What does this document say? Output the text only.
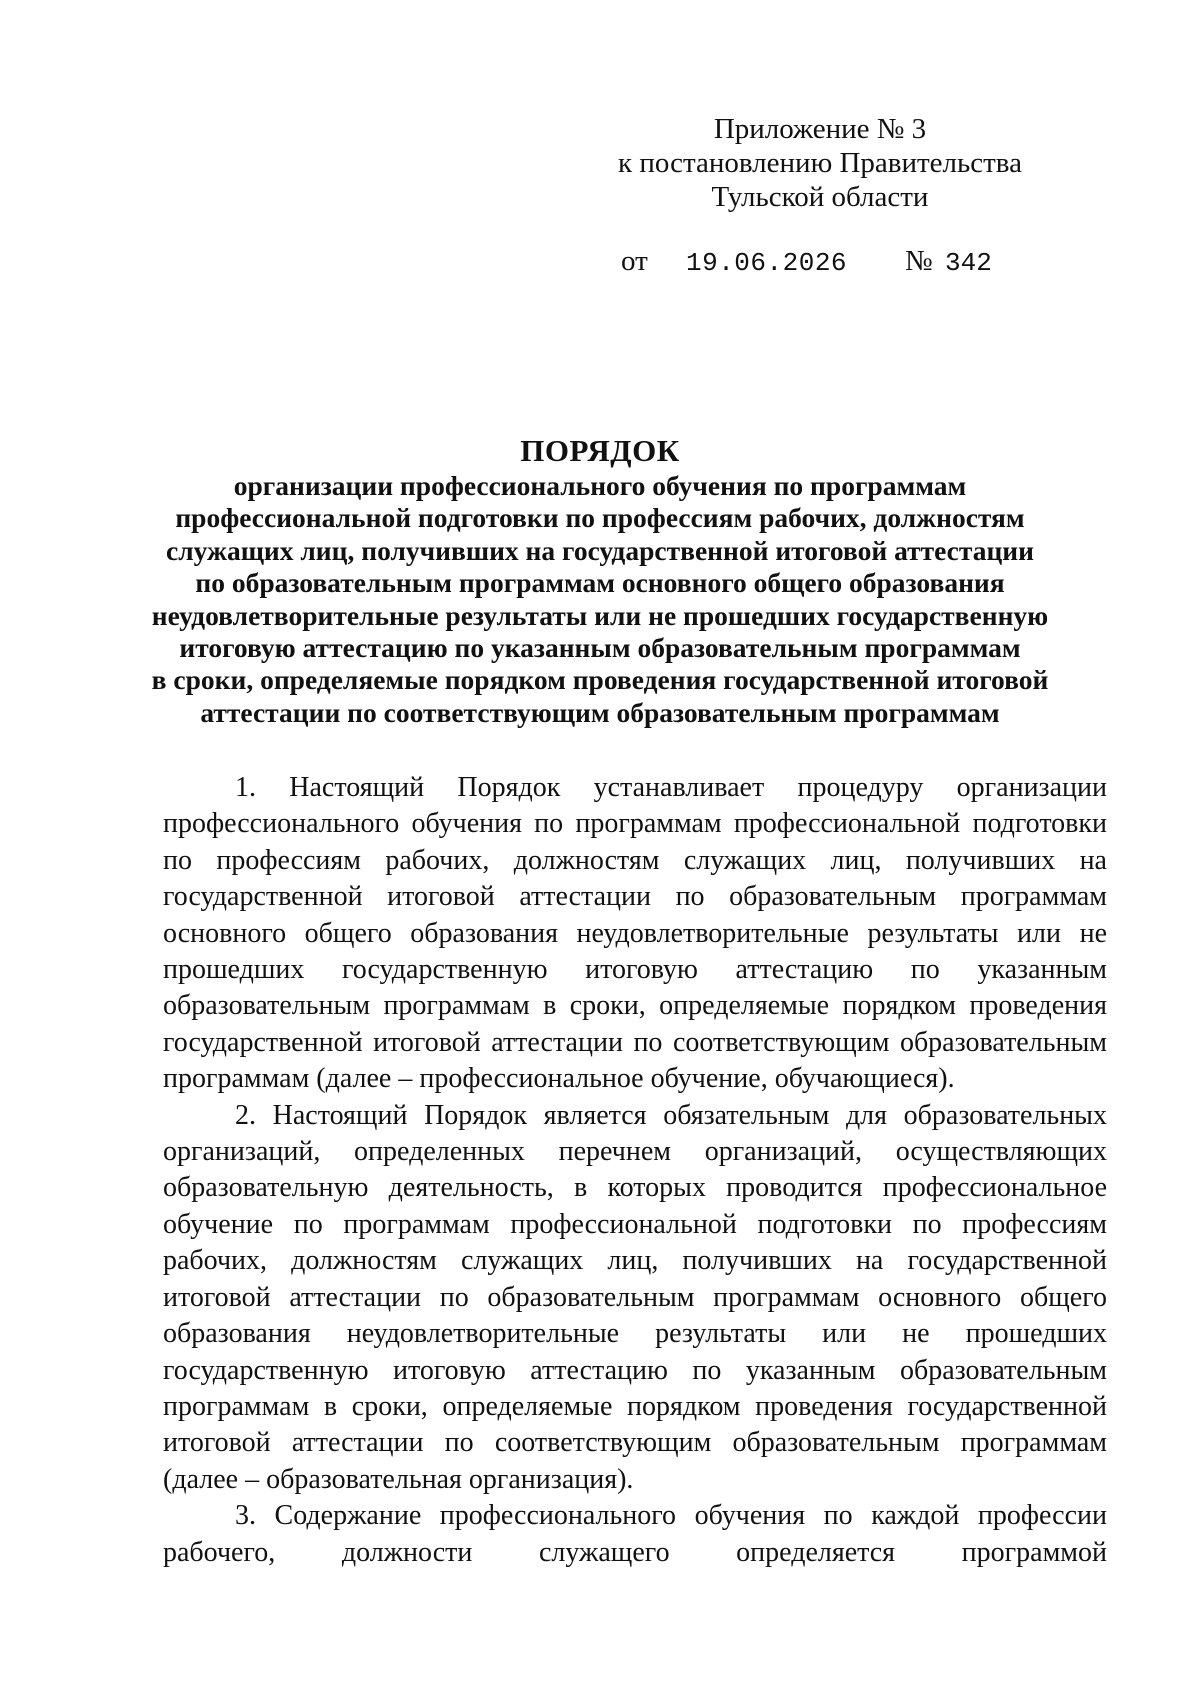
Приложение № 3
к постановлению Правительства
Тульской области
от 19.06.2026 № 342
ПОРЯДОК
организации профессионального обучения по программам
профессиональной подготовки по профессиям рабочих, должностям
служащих лиц, получивших на государственной итоговой аттестации
по образовательным программам основного общего образования
неудовлетворительные результаты или не прошедших государственную
итоговую аттестацию по указанным образовательным программам
в сроки, определяемые порядком проведения государственной итоговой
аттестации по соответствующим образовательным программам

1. Настоящий Порядок устанавливает процедуру организации профессионального обучения по программам профессиональной подготовки по профессиям рабочих, должностям служащих лиц, получивших на государственной итоговой аттестации по образовательным программам основного общего образования неудовлетворительные результаты или не прошедших государственную итоговую аттестацию по указанным образовательным программам в сроки, определяемые порядком проведения государственной итоговой аттестации по соответствующим образовательным программам (далее – профессиональное обучение, обучающиеся).

2. Настоящий Порядок является обязательным для образовательных организаций, определенных перечнем организаций, осуществляющих образовательную деятельность, в которых проводится профессиональное обучение по программам профессиональной подготовки по профессиям рабочих, должностям служащих лиц, получивших на государственной итоговой аттестации по образовательным программам основного общего образования неудовлетворительные результаты или не прошедших государственную итоговую аттестацию по указанным образовательным программам в сроки, определяемые порядком проведения государственной итоговой аттестации по соответствующим образовательным программам (далее – образовательная организация).

3. Содержание профессионального обучения по каждой профессии рабочего, должности служащего определяется программой
